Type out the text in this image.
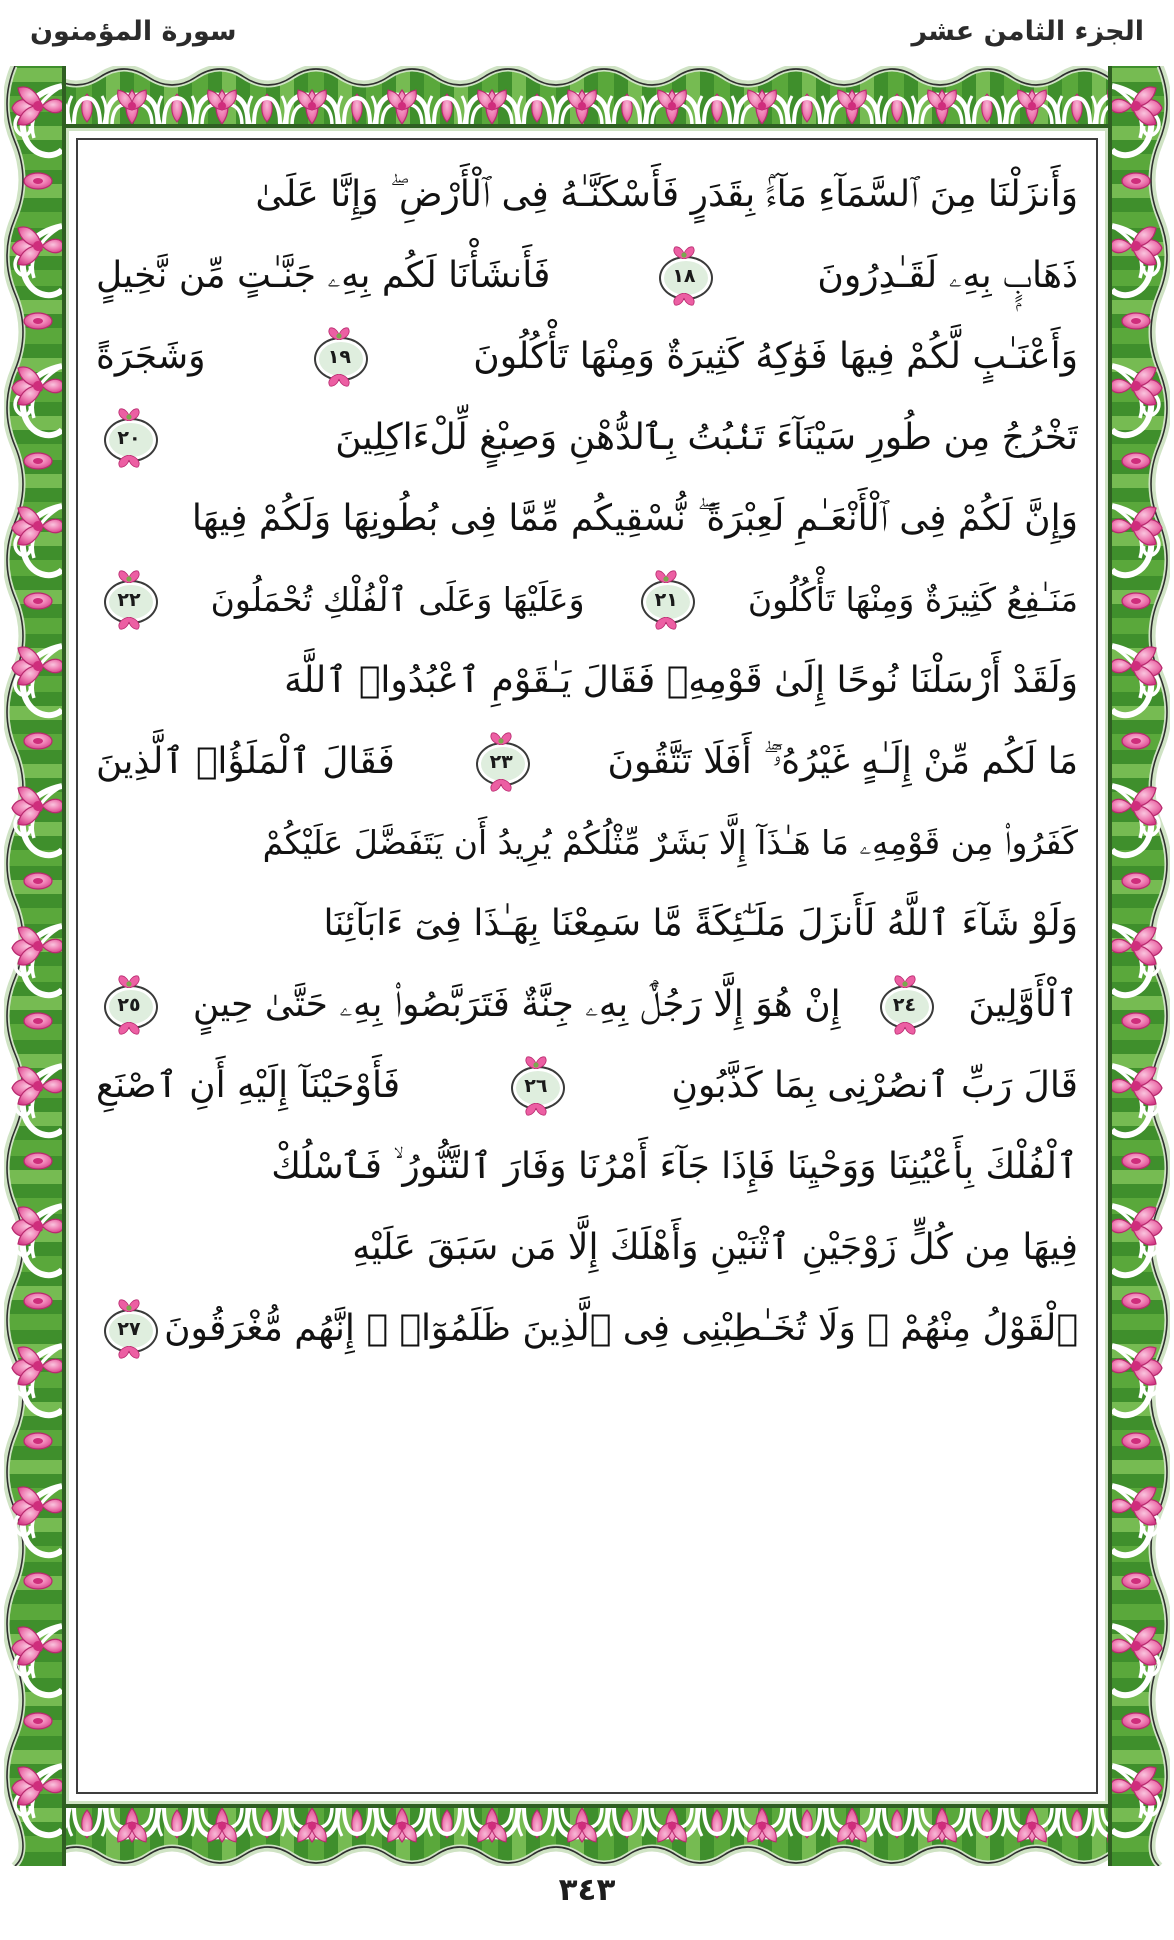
الجزء الثامن عشر
سورة المؤمنون
وَأَنزَلْنَا مِنَ ٱلسَّمَآءِ مَآءًۢ بِقَدَرٍ فَأَسْكَنَّـٰهُ فِى ٱلْأَرْضِ ۖ وَإِنَّا عَلَىٰ
ذَهَابٍۭ بِهِۦ لَقَـٰدِرُونَ
١٨
فَأَنشَأْنَا لَكُم بِهِۦ جَنَّـٰتٍ مِّن نَّخِيلٍ
وَأَعْنَـٰبٍ لَّكُمْ فِيهَا فَوَٰكِهُ كَثِيرَةٌ وَمِنْهَا تَأْكُلُونَ
١٩
وَشَجَرَةً
تَخْرُجُ مِن طُورِ سَيْنَآءَ تَنۢبُتُ بِٱلدُّهْنِ وَصِبْغٍ لِّلْءَاكِلِينَ
٢٠
وَإِنَّ لَكُمْ فِى ٱلْأَنْعَـٰمِ لَعِبْرَةً ۖ نُّسْقِيكُم مِّمَّا فِى بُطُونِهَا وَلَكُمْ فِيهَا
مَنَـٰفِعُ كَثِيرَةٌ وَمِنْهَا تَأْكُلُونَ
٢١
وَعَلَيْهَا وَعَلَى ٱلْفُلْكِ تُحْمَلُونَ
٢٢
وَلَقَدْ أَرْسَلْنَا نُوحًا إِلَىٰ قَوْمِهِۦ فَقَالَ يَـٰقَوْمِ ٱعْبُدُوا۟ ٱللَّهَ
مَا لَكُم مِّنْ إِلَـٰهٍ غَيْرُهُۥٓ ۖ أَفَلَا تَتَّقُونَ
٢٣
فَقَالَ ٱلْمَلَؤُا۟ ٱلَّذِينَ
كَفَرُوا۟ مِن قَوْمِهِۦ مَا هَـٰذَآ إِلَّا بَشَرٌ مِّثْلُكُمْ يُرِيدُ أَن يَتَفَضَّلَ عَلَيْكُمْ
وَلَوْ شَآءَ ٱللَّهُ لَأَنزَلَ مَلَـٰٓئِكَةً مَّا سَمِعْنَا بِهَـٰذَا فِىٓ ءَابَآئِنَا
ٱلْأَوَّلِينَ
٢٤
إِنْ هُوَ إِلَّا رَجُلٌۢ بِهِۦ جِنَّةٌ فَتَرَبَّصُوا۟ بِهِۦ حَتَّىٰ حِينٍ
٢٥
قَالَ رَبِّ ٱنصُرْنِى بِمَا كَذَّبُونِ
٢٦
فَأَوْحَيْنَآ إِلَيْهِ أَنِ ٱصْنَعِ
ٱلْفُلْكَ بِأَعْيُنِنَا وَوَحْيِنَا فَإِذَا جَآءَ أَمْرُنَا وَفَارَ ٱلتَّنُّورُ ۙ فَٱسْلُكْ
فِيهَا مِن كُلٍّ زَوْجَيْنِ ٱثْنَيْنِ وَأَهْلَكَ إِلَّا مَن سَبَقَ عَلَيْهِ
ٱلْقَوْلُ مِنْهُمْ ۖ وَلَا تُخَـٰطِبْنِى فِى ٱلَّذِينَ ظَلَمُوٓا۟ ۖ إِنَّهُم مُّغْرَقُونَ
٢٧
٣٤٣
